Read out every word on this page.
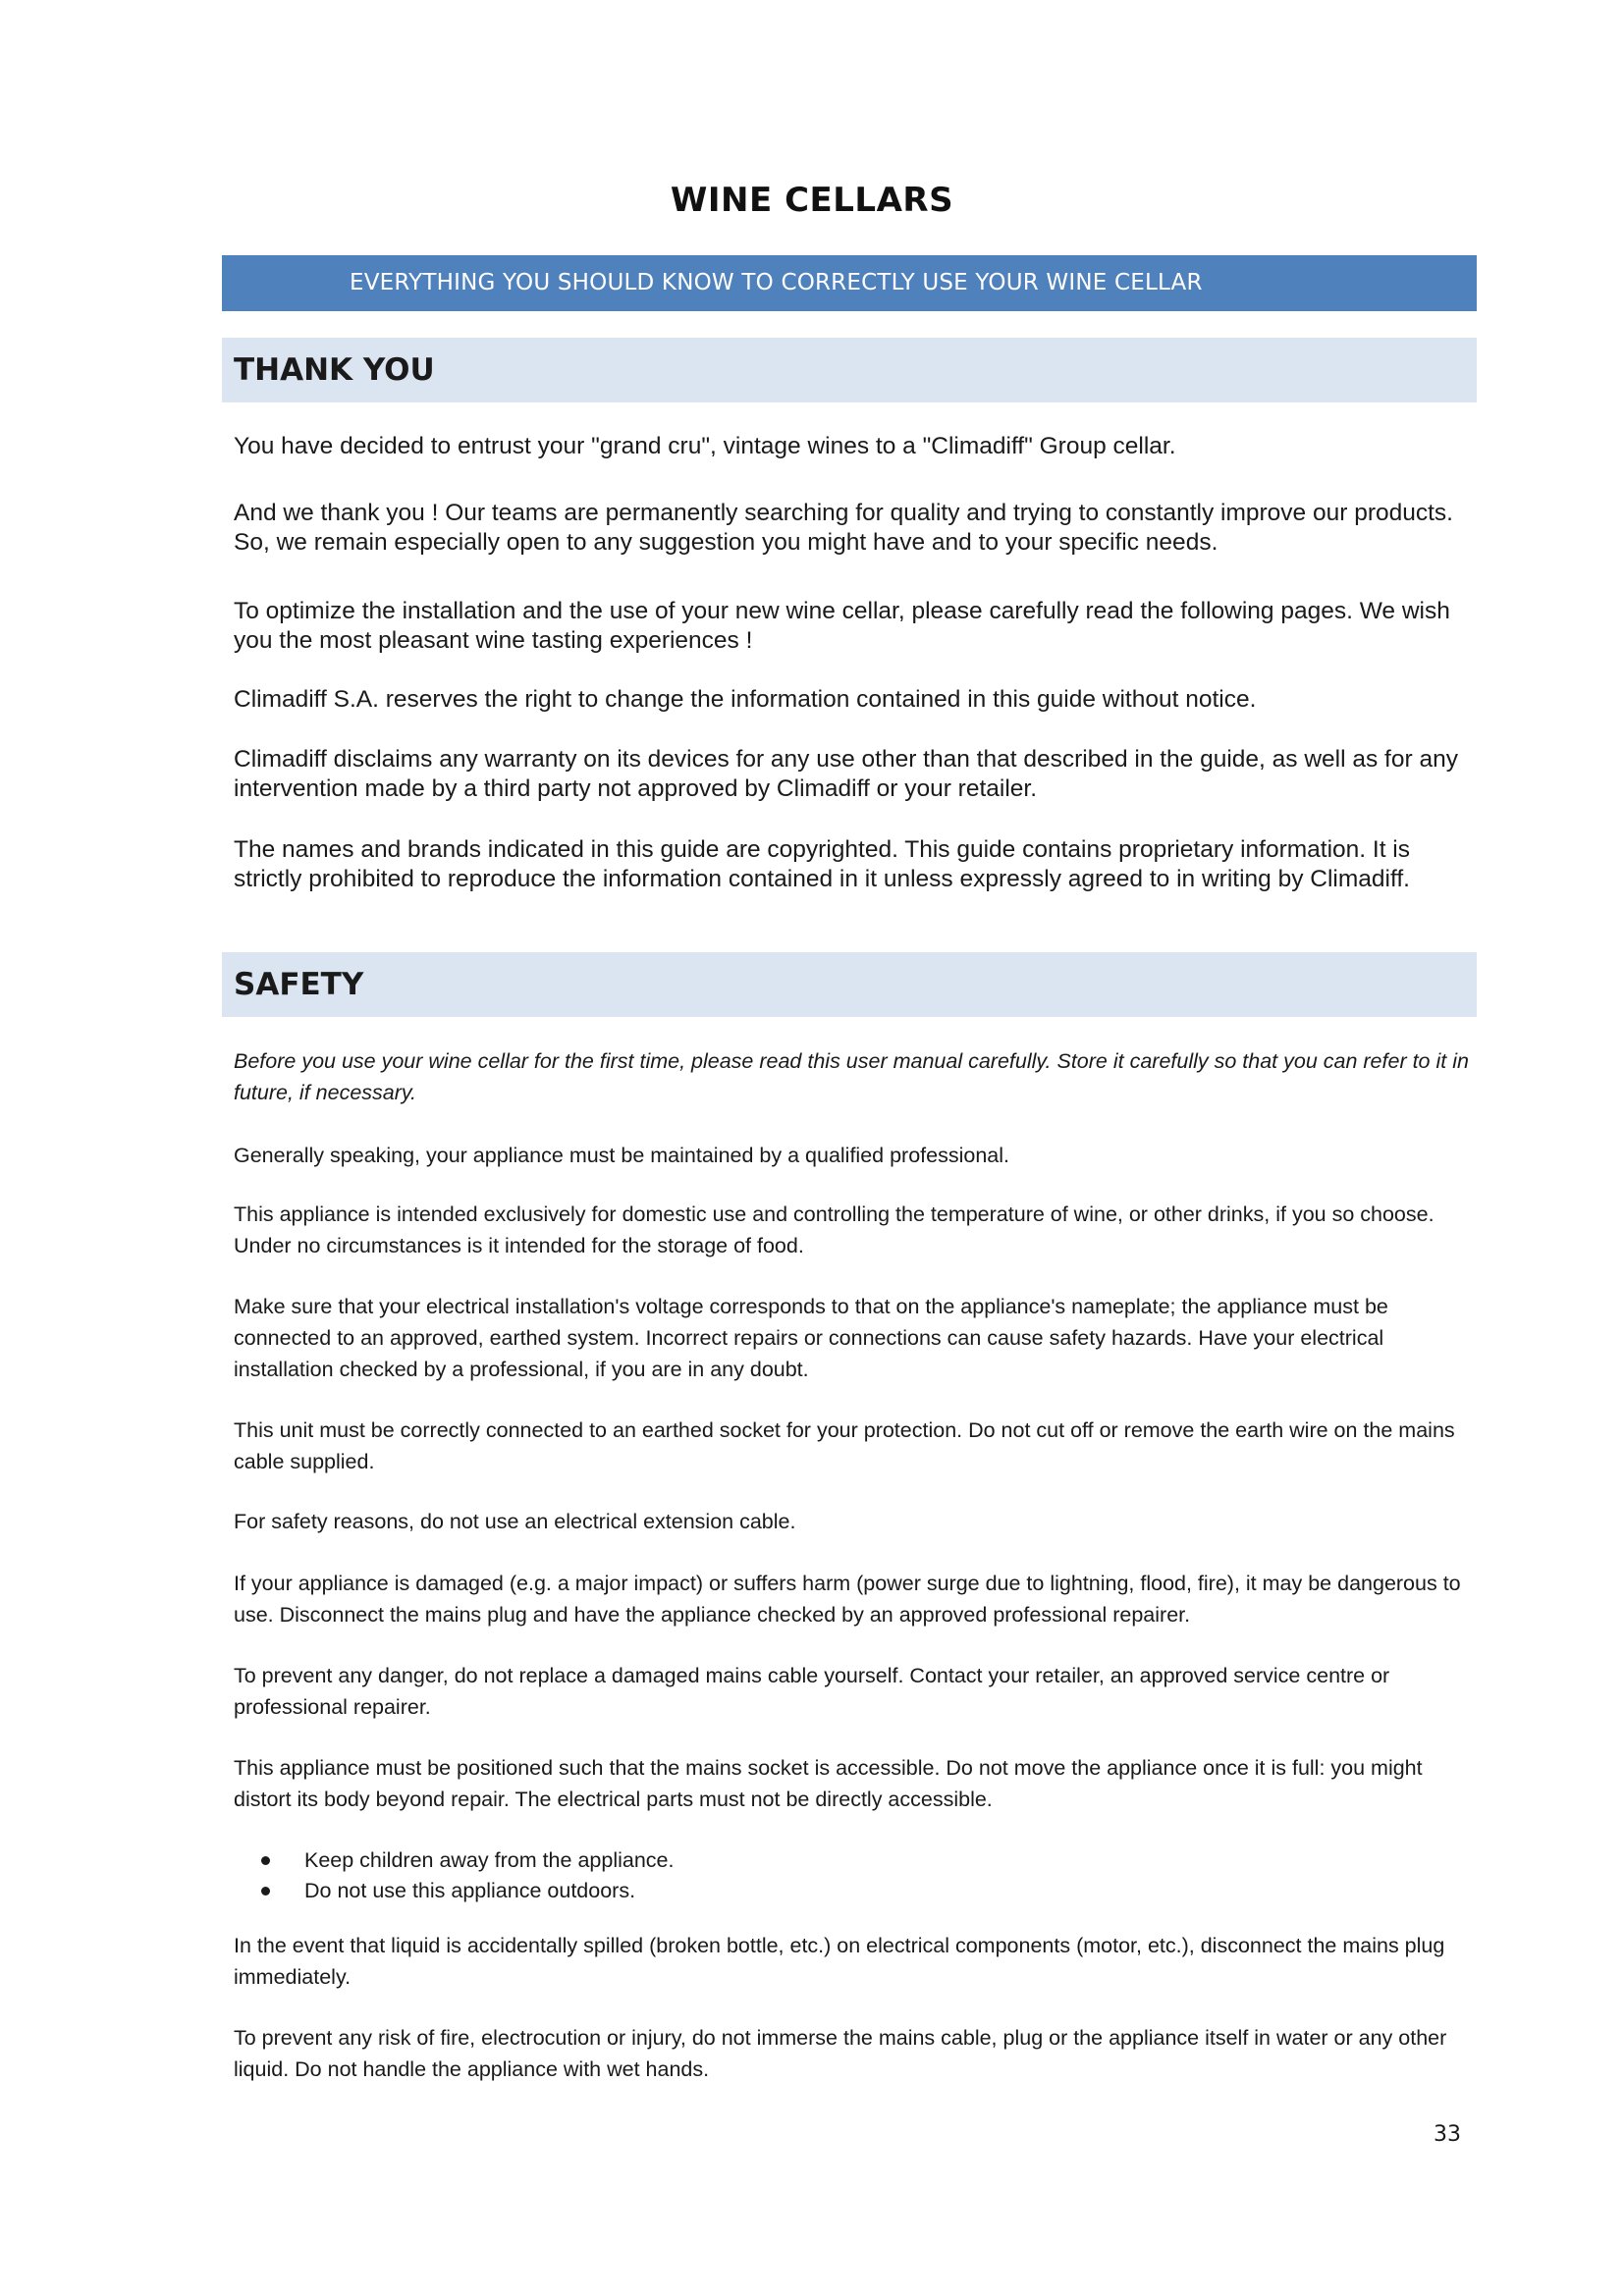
WINE CELLARS
EVERYTHING YOU SHOULD KNOW TO CORRECTLY USE YOUR WINE CELLAR
THANK YOU

You have decided to entrust your "grand cru", vintage wines to a "Climadiff" Group cellar.

And we thank you ! Our teams are permanently searching for quality and trying to constantly improve our products. So, we remain especially open to any suggestion you might have and to your specific needs.

To optimize the installation and the use of your new wine cellar, please carefully read the following pages. We wish you the most pleasant wine tasting experiences !

Climadiff S.A. reserves the right to change the information contained in this guide without notice.

Climadiff disclaims any warranty on its devices for any use other than that described in the guide, as well as for any intervention made by a third party not approved by Climadiff or your retailer.

The names and brands indicated in this guide are copyrighted. This guide contains proprietary information. It is strictly prohibited to reproduce the information contained in it unless expressly agreed to in writing by Climadiff.

SAFETY

Before you use your wine cellar for the first time, please read this user manual carefully. Store it carefully so that you can refer to it in future, if necessary.

Generally speaking, your appliance must be maintained by a qualified professional.

This appliance is intended exclusively for domestic use and controlling the temperature of wine, or other drinks, if you so choose. Under no circumstances is it intended for the storage of food.

Make sure that your electrical installation's voltage corresponds to that on the appliance's nameplate; the appliance must be connected to an approved, earthed system. Incorrect repairs or connections can cause safety hazards. Have your electrical installation checked by a professional, if you are in any doubt.

This unit must be correctly connected to an earthed socket for your protection. Do not cut off or remove the earth wire on the mains cable supplied.

For safety reasons, do not use an electrical extension cable.

If your appliance is damaged (e.g. a major impact) or suffers harm (power surge due to lightning, flood, fire), it may be dangerous to use. Disconnect the mains plug and have the appliance checked by an approved professional repairer.

To prevent any danger, do not replace a damaged mains cable yourself. Contact your retailer, an approved service centre or professional repairer.

This appliance must be positioned such that the mains socket is accessible. Do not move the appliance once it is full: you might distort its body beyond repair. The electrical parts must not be directly accessible.

Keep children away from the appliance.
Do not use this appliance outdoors.

In the event that liquid is accidentally spilled (broken bottle, etc.) on electrical components (motor, etc.), disconnect the mains plug immediately.

To prevent any risk of fire, electrocution or injury, do not immerse the mains cable, plug or the appliance itself in water or any other liquid. Do not handle the appliance with wet hands.

33
